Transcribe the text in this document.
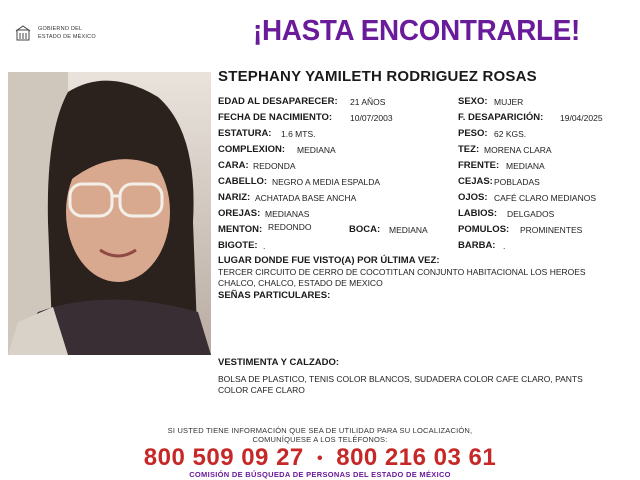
GOBIERNO DEL
ESTADO DE MÉXICO	¡HASTA ENCONTRARLE!
STEPHANY YAMILETH RODRIGUEZ ROSAS
EDAD AL DESAPARECER: 21 AÑOS	SEXO: MUJER
FECHA DE NACIMIENTO: 10/07/2003	F. DESAPARICIÓN: 19/04/2025
ESTATURA: 1.6 MTS.	PESO: 62 KGS.
COMPLEXION: MEDIANA	TEZ: MORENA CLARA
CARA: REDONDA	FRENTE: MEDIANA
CABELLO: NEGRO A MEDIA ESPALDA	CEJAS: POBLADAS
NARIZ: ACHATADA BASE ANCHA	OJOS: CAFÉ CLARO MEDIANOS
OREJAS: MEDIANAS	LABIOS: DELGADOS
MENTON: REDONDO	BOCA: MEDIANA	POMULOS: PROMINENTES
BIGOTE: .	BARBA: .
LUGAR DONDE FUE VISTO(A) POR ÚLTIMA VEZ:
TERCER CIRCUITO DE CERRO DE COCOTITLAN CONJUNTO HABITACIONAL LOS HEROES CHALCO, CHALCO, ESTADO DE MEXICO
SEÑAS PARTICULARES:
VESTIMENTA Y CALZADO:
BOLSA DE PLASTICO, TENIS COLOR BLANCOS, SUDADERA COLOR CAFE CLARO, PANTS COLOR CAFE CLARO
SI USTED TIENE INFORMACIÓN QUE SEA DE UTILIDAD PARA SU LOCALIZACIÓN,
COMUNÍQUESE A LOS TELÉFONOS:
800 509 09 27 • 800 216 03 61
COMISIÓN DE BÚSQUEDA DE PERSONAS DEL ESTADO DE MÉXICO
